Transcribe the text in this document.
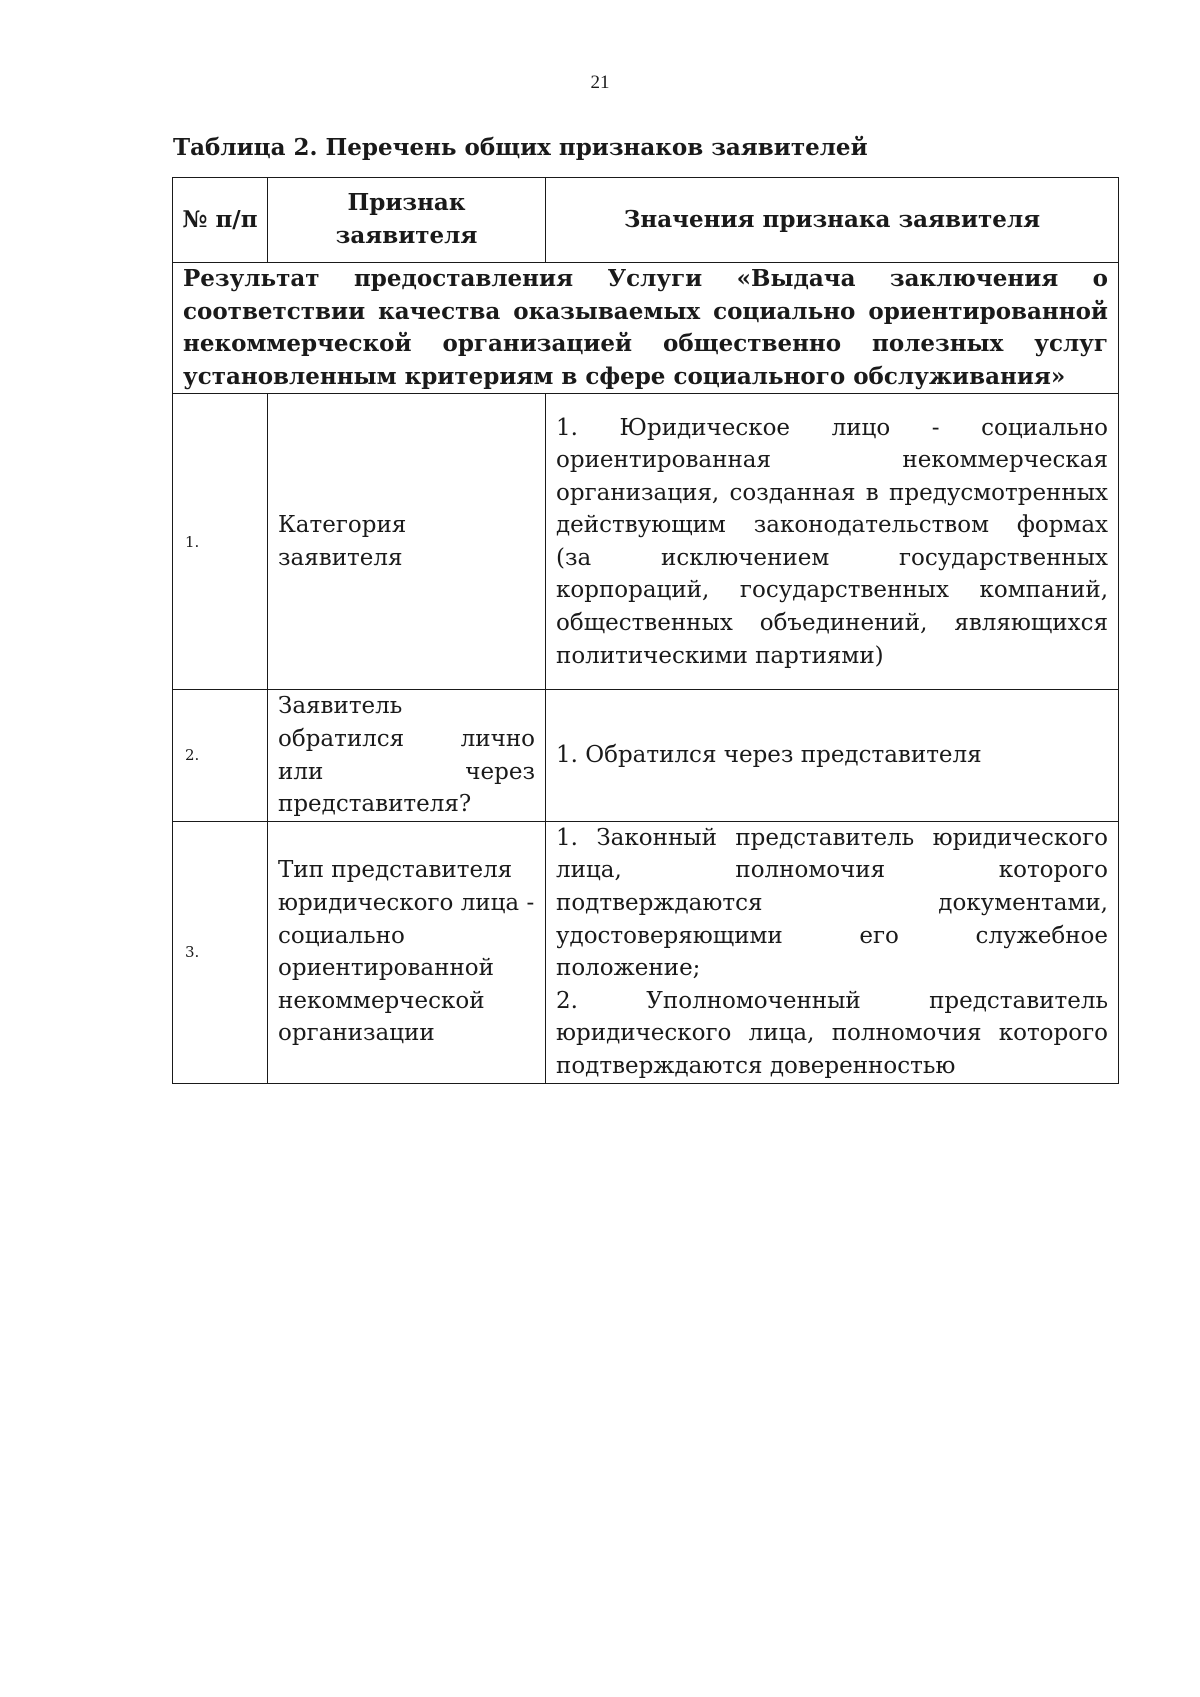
21
Таблица 2. Перечень общих признаков заявителей
№ п/п	Признак заявителя	Значения признака заявителя
Результат предоставления Услуги «Выдача заключения о соответствии качества оказываемых социально ориентированной некоммерческой организацией общественно полезных услуг установленным критериям в сфере социального обслуживания»		
1.	Категория заявителя	1. Юридическое лицо - социально ориентированная некоммерческая организация, созданная в предусмотренных действующим законодательством формах (за исключением государственных корпораций, государственных компаний, общественных объединений, являющихся политическими партиями)

2.	Заявитель обратился лично или через представителя?	1. Обратился через представителя

3.	Тип представителя юридического лица - социально ориентированной некоммерческой организации	1. Законный представитель юридического лица, полномочия которого подтверждаются документами, удостоверяющими его служебное положение;
2. Уполномоченный представитель юридического лица, полномочия которого подтверждаются доверенностью
